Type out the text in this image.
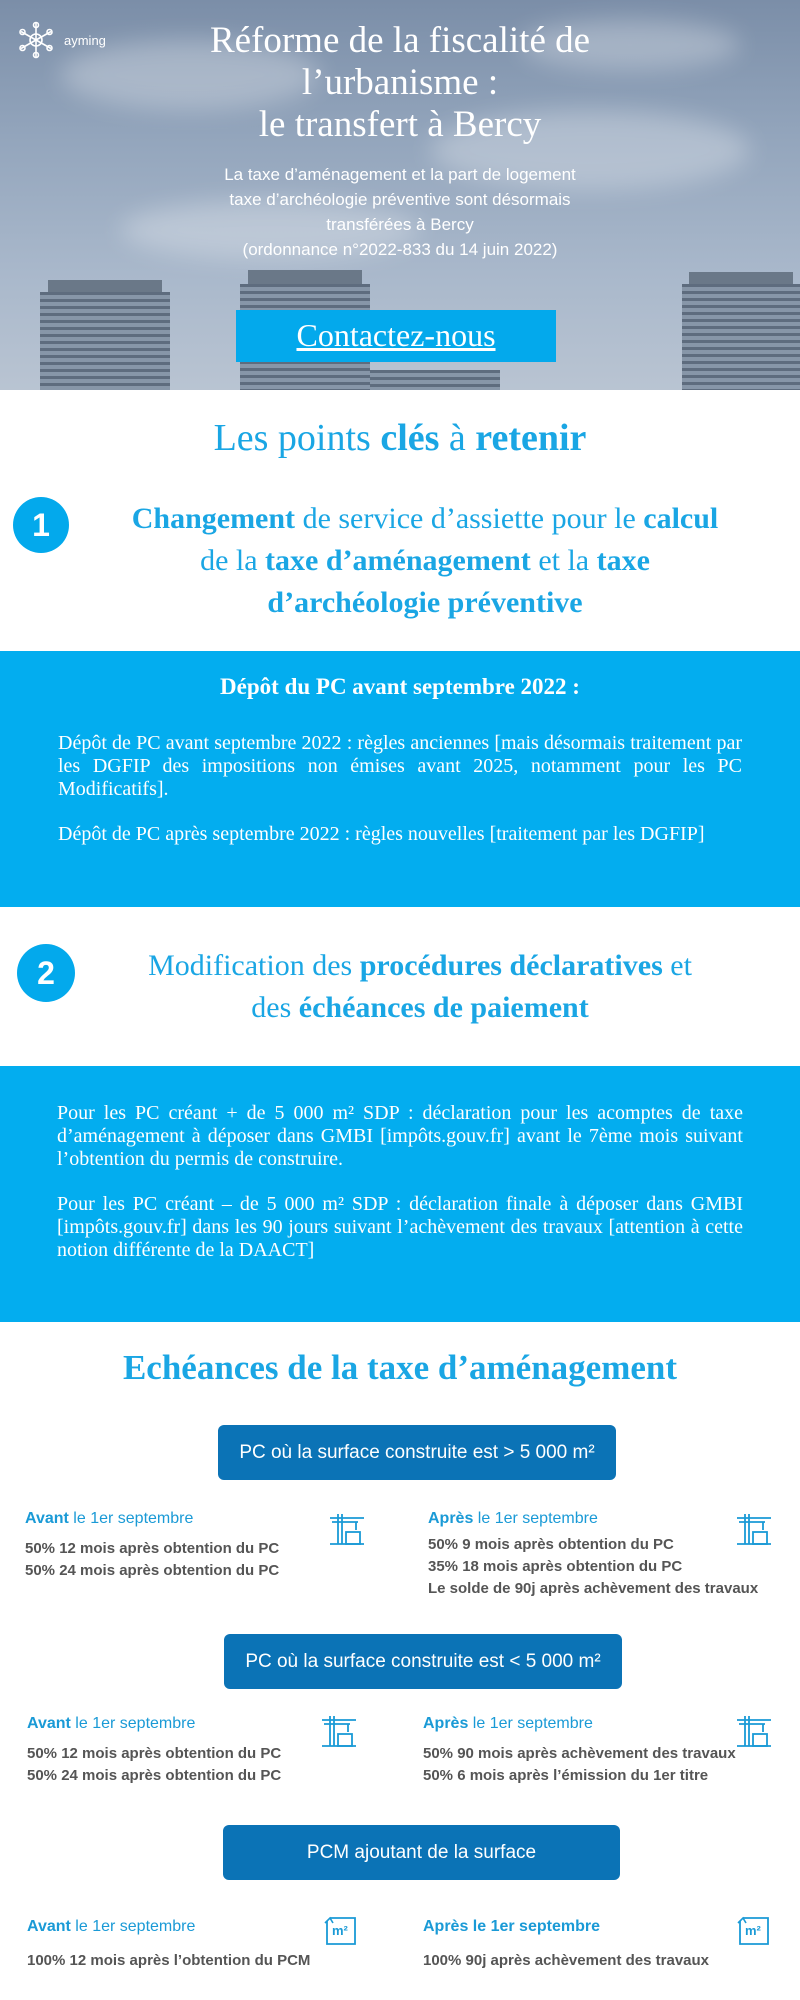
ayming	Réforme de la fiscalité de
l’urbanisme :
le transfert à Bercy
La taxe d’aménagement et la part de logement
taxe d’archéologie préventive sont désormais
transférées à Bercy
(ordonnance n°2022-833 du 14 juin 2022)
Contactez-nous
Les points clés à retenir
1	Changement de service d’assiette pour le calcul
de la taxe d’aménagement et la taxe
d’archéologie préventive
Dépôt du PC avant septembre 2022 :

Dépôt de PC avant septembre 2022 : règles anciennes [mais désormais traitement par les DGFIP des impositions non émises avant 2025, notamment pour les PC Modificatifs].

Dépôt de PC après septembre 2022 : règles nouvelles [traitement par les DGFIP]

2	Modification des procédures déclaratives et
des échéances de paiement

Pour les PC créant + de 5 000 m² SDP : déclaration pour les acomptes de taxe d’aménagement à déposer dans GMBI [impôts.gouv.fr] avant le 7ème mois suivant l’obtention du permis de construire.

Pour les PC créant – de 5 000 m² SDP : déclaration finale à déposer dans GMBI [impôts.gouv.fr] dans les 90 jours suivant l’achèvement des travaux [attention à cette notion différente de la DAACT]

Echéances de la taxe d’aménagement
PC où la surface construite est > 5 000 m²
Avant le 1er septembre
50% 12 mois après obtention du PC
50% 24 mois après obtention du PC
Après le 1er septembre
50% 9 mois après obtention du PC
35% 18 mois après obtention du PC
Le solde de 90j après achèvement des travaux
PC où la surface construite est < 5 000 m²
Avant le 1er septembre
50% 12 mois après obtention du PC
50% 24 mois après obtention du PC
Après le 1er septembre
50% 90 mois après achèvement des travaux
50% 6 mois après l’émission du 1er titre
PCM ajoutant de la surface
Avant le 1er septembre
100% 12 mois après l’obtention du PCM
m²	Après le 1er septembre
100% 90j après achèvement des travaux
m²
